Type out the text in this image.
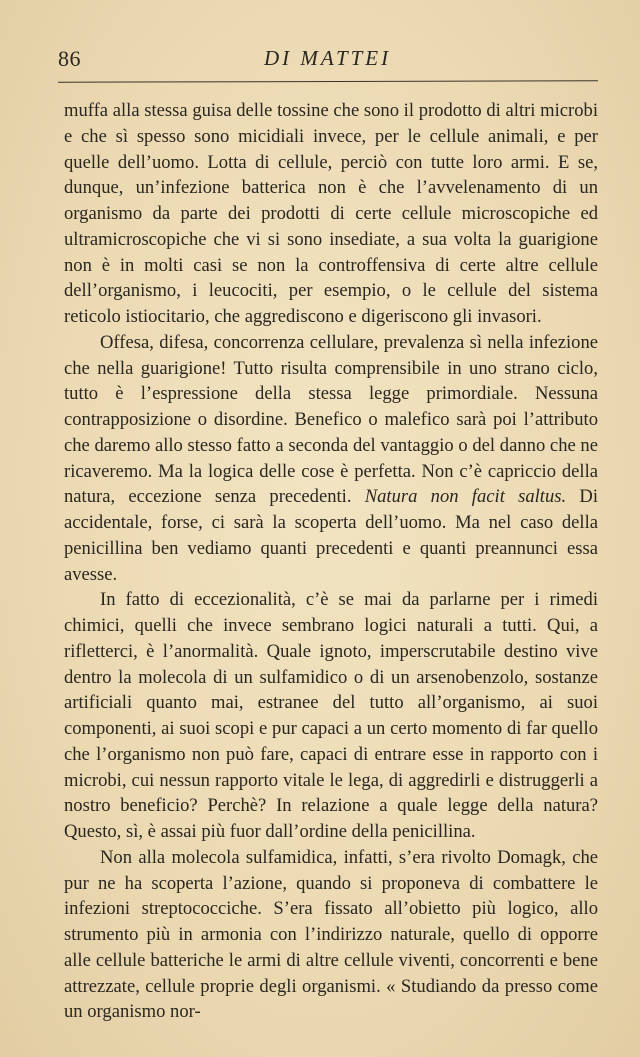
86	DI MATTEI

muffa alla stessa guisa delle tossine che sono il prodotto di altri microbi e che sì spesso sono micidiali invece, per le cellule animali, e per quelle dell’uomo. Lotta di cellule, perciò con tutte loro armi. E se, dunque, un’infezione batterica non è che l’avvelenamento di un organismo da parte dei prodotti di certe cellule microscopiche ed ultramicroscopiche che vi si sono insediate, a sua volta la guarigione non è in molti casi se non la controffensiva di certe altre cellule dell’organismo, i leucociti, per esempio, o le cellule del sistema reticolo istiocitario, che aggrediscono e digeriscono gli invasori.

Offesa, difesa, concorrenza cellulare, prevalenza sì nella infezione che nella guarigione! Tutto risulta comprensibile in uno strano ciclo, tutto è l’espressione della stessa legge primordiale. Nessuna contrapposizione o disordine. Benefico o malefico sarà poi l’attributo che daremo allo stesso fatto a seconda del vantaggio o del danno che ne ricaveremo. Ma la logica delle cose è perfetta. Non c’è capriccio della natura, eccezione senza precedenti. Natura non facit saltus. Di accidentale, forse, ci sarà la scoperta dell’uomo. Ma nel caso della penicillina ben vediamo quanti precedenti e quanti preannunci essa avesse.

In fatto di eccezionalità, c’è se mai da parlarne per i rimedi chimici, quelli che invece sembrano logici naturali a tutti. Qui, a rifletterci, è l’anormalità. Quale ignoto, imperscrutabile destino vive dentro la molecola di un sulfamidico o di un arsenobenzolo, sostanze artificiali quanto mai, estranee del tutto all’organismo, ai suoi componenti, ai suoi scopi e pur capaci a un certo momento di far quello che l’organismo non può fare, capaci di entrare esse in rapporto con i microbi, cui nessun rapporto vitale le lega, di aggredirli e distruggerli a nostro beneficio? Perchè? In relazione a quale legge della natura? Questo, sì, è assai più fuor dall’ordine della penicillina.

Non alla molecola sulfamidica, infatti, s’era rivolto Domagk, che pur ne ha scoperta l’azione, quando si proponeva di combattere le infezioni streptococciche. S’era fissato all’obietto più logico, allo strumento più in armonia con l’indirizzo naturale, quello di opporre alle cellule batteriche le armi di altre cellule viventi, concorrenti e bene attrezzate, cellule proprie degli organismi. « Studiando da presso come un organismo nor-
